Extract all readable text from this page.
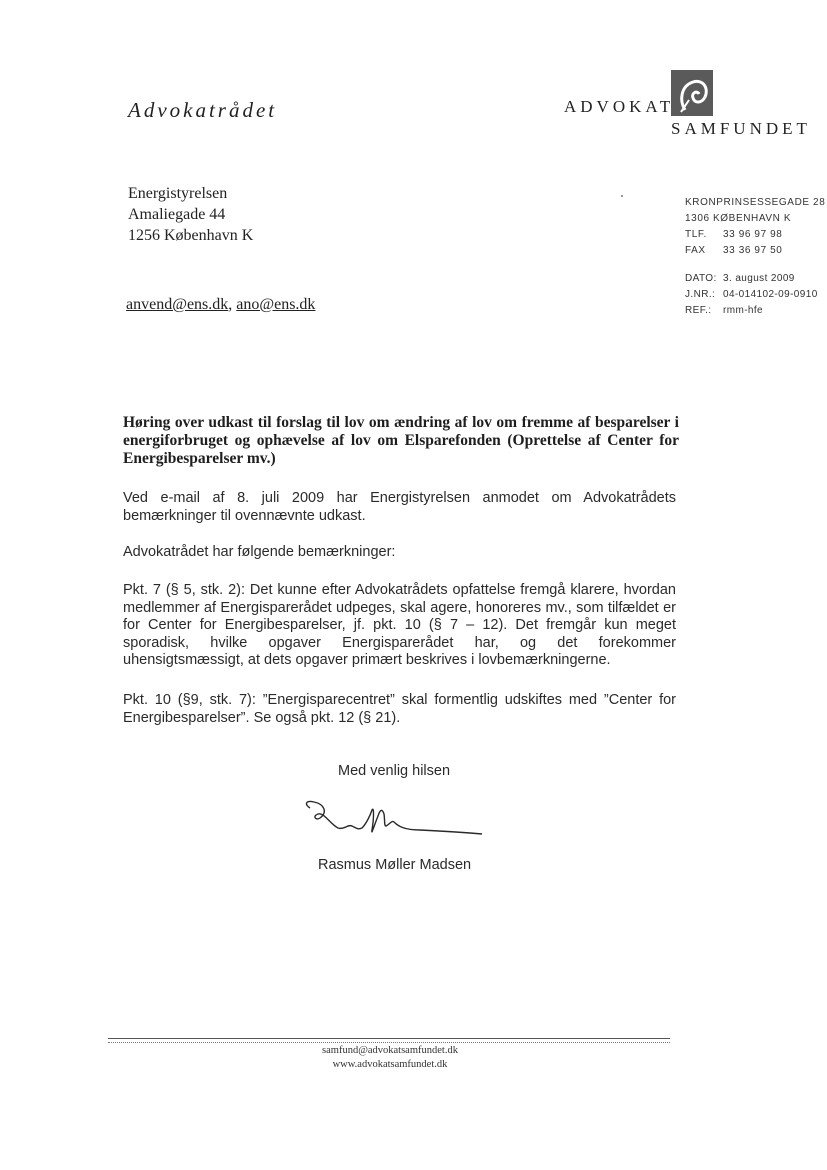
Advokatrådet	ADVOKAT
SAMFUNDET
Energistyrelsen
Amaliegade 44
1256 København K
anvend@ens.dk, ano@ens.dk
KRONPRINSESSEGADE 28
1306 KØBENHAVN K
TLF.	33 96 97 98
FAX	33 36 97 50
DATO: 3. august 2009
J.NR.: 04-014102-09-0910
REF.:	rmm-hfe
Høring over udkast til forslag til lov om ændring af lov om fremme af besparelser i energiforbruget og ophævelse af lov om Elsparefonden (Oprettelse af Center for Energibesparelser mv.)
Ved e-mail af 8. juli 2009 har Energistyrelsen anmodet om Advokatrådets bemærkninger til ovennævnte udkast.
Advokatrådet har følgende bemærkninger:
Pkt. 7 (§ 5, stk. 2): Det kunne efter Advokatrådets opfattelse fremgå klarere, hvordan medlemmer af Energisparerådet udpeges, skal agere, honoreres mv., som tilfældet er for Center for Energibesparelser, jf. pkt. 10 (§ 7 – 12). Det fremgår kun meget sporadisk, hvilke opgaver Energisparerådet har, og det forekommer uhensigtsmæssigt, at dets opgaver primært beskrives i lovbemærkningerne.
Pkt. 10 (§9, stk. 7): ”Energisparecentret” skal formentlig udskiftes med ”Center for Energibesparelser”. Se også pkt. 12 (§ 21).
Med venlig hilsen
Rasmus Møller Madsen
samfund@advokatsamfundet.dk
www.advokatsamfundet.dk
